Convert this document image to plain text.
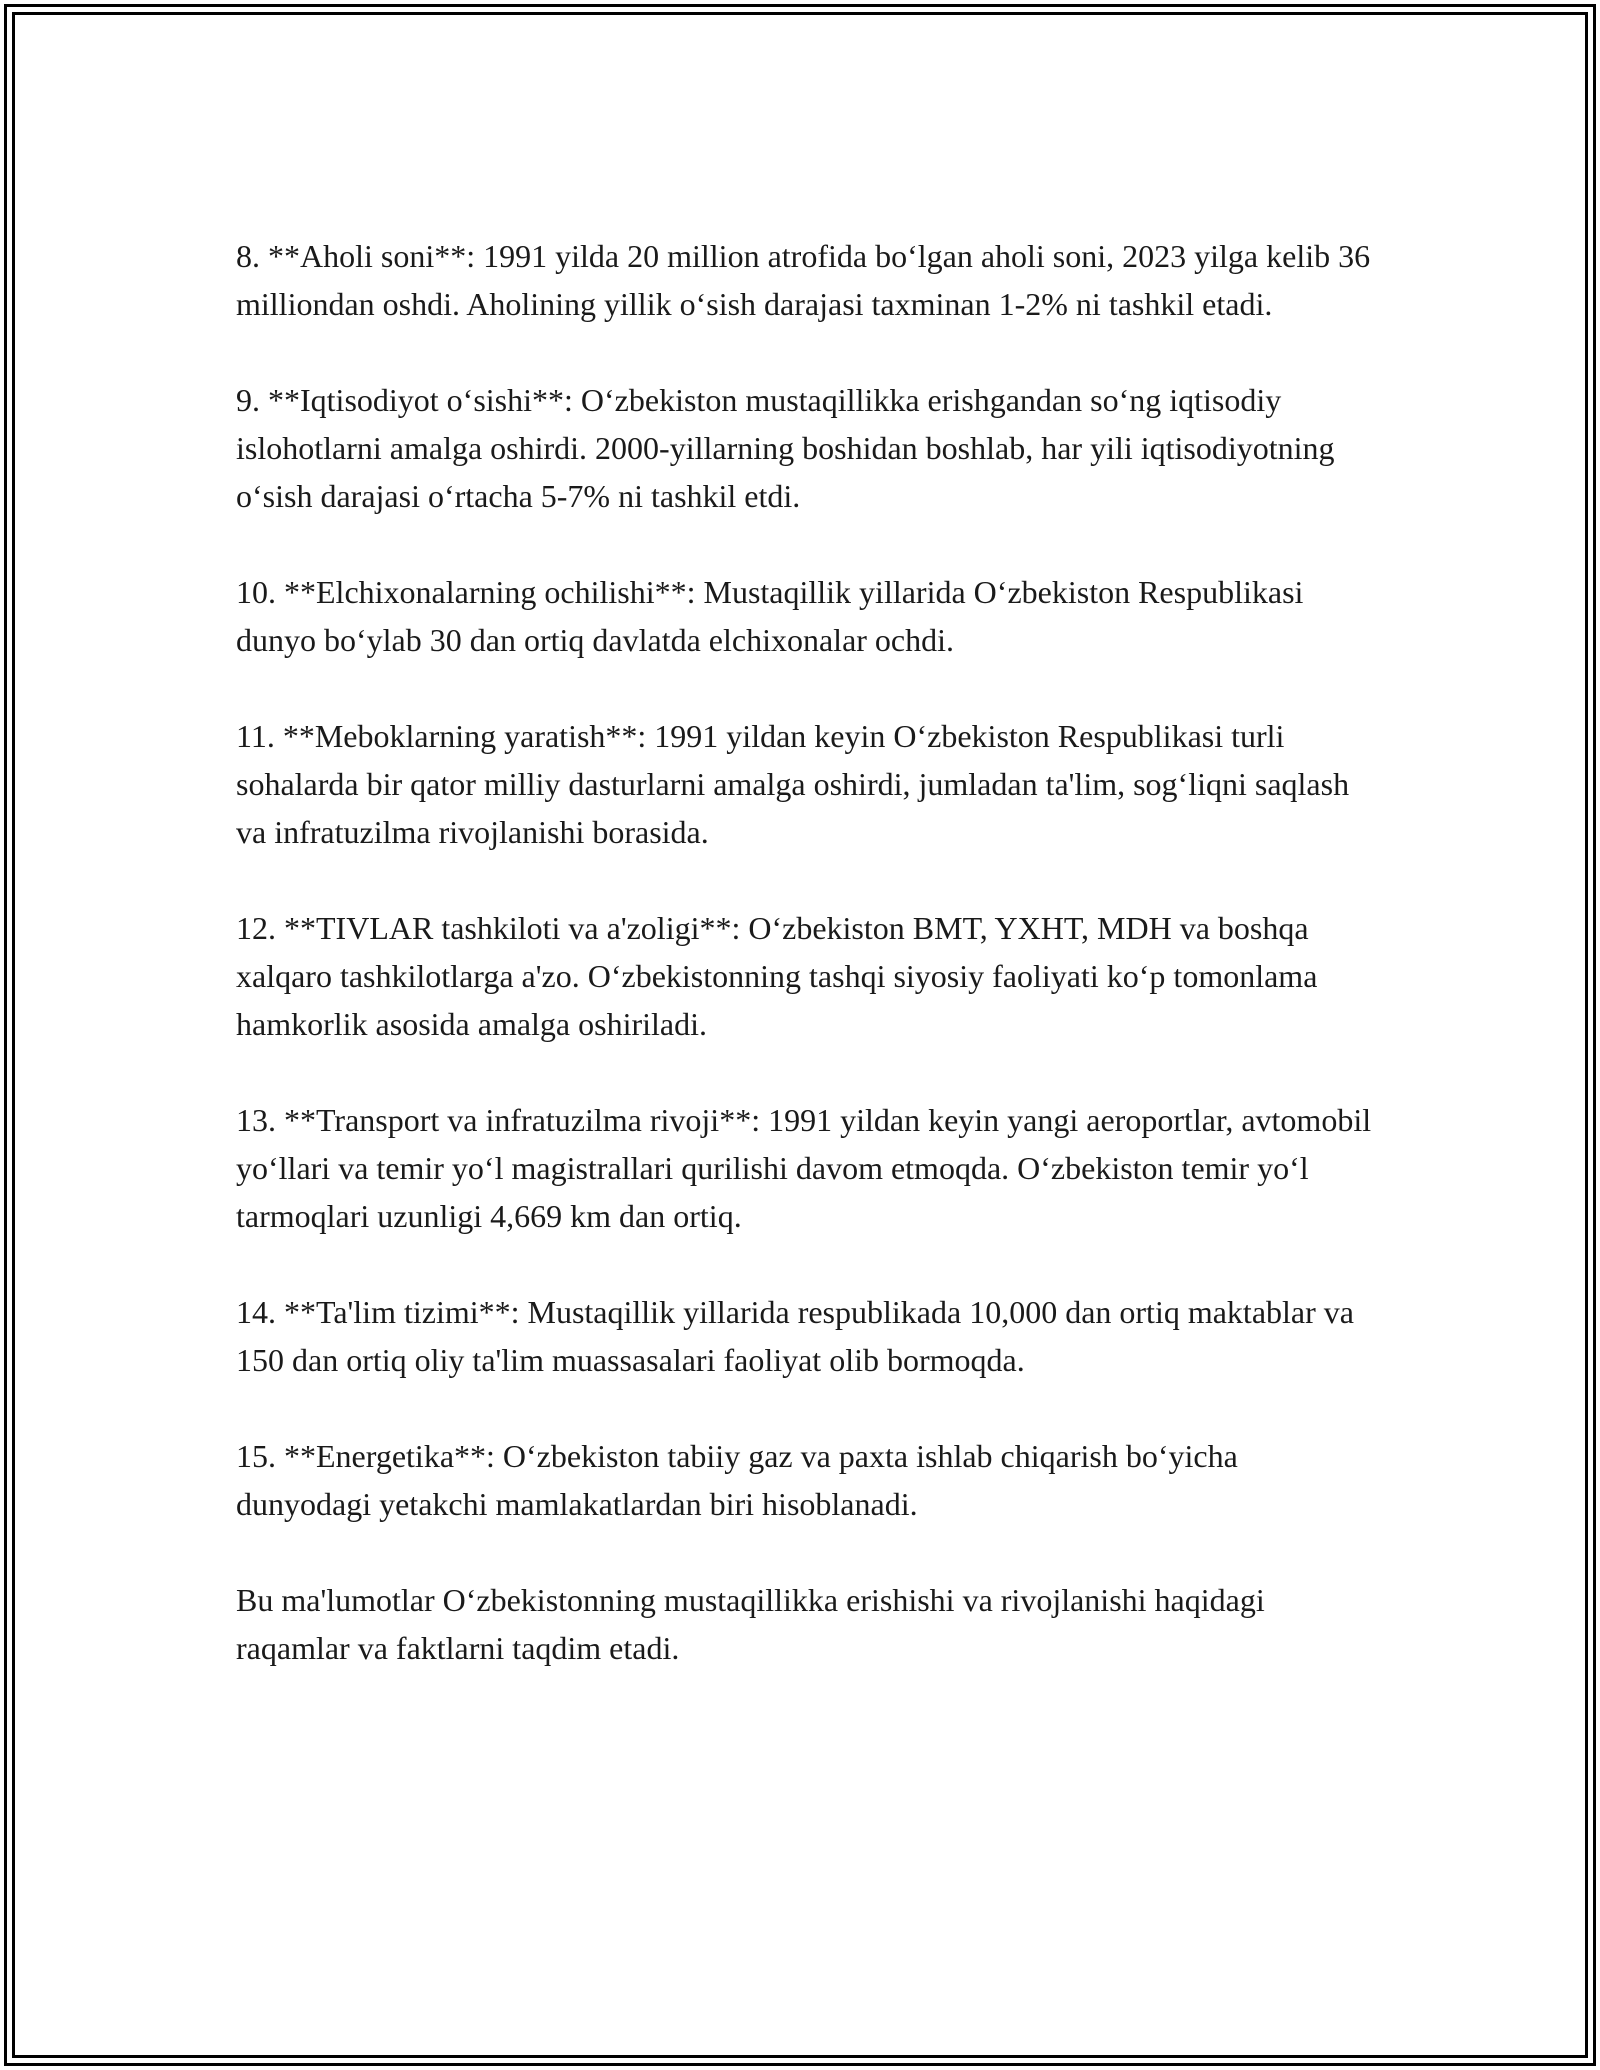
8. **Aholi soni**: 1991 yilda 20 million atrofida bo‘lgan aholi soni, 2023 yilga kelib 36 milliondan oshdi. Aholining yillik o‘sish darajasi taxminan 1-2% ni tashkil etadi.

9. **Iqtisodiyot o‘sishi**: O‘zbekiston mustaqillikka erishgandan so‘ng iqtisodiy islohotlarni amalga oshirdi. 2000-yillarning boshidan boshlab, har yili iqtisodiyotning o‘sish darajasi o‘rtacha 5-7% ni tashkil etdi.

10. **Elchixonalarning ochilishi**: Mustaqillik yillarida O‘zbekiston Respublikasi dunyo bo‘ylab 30 dan ortiq davlatda elchixonalar ochdi.

11. **Meboklarning yaratish**: 1991 yildan keyin O‘zbekiston Respublikasi turli sohalarda bir qator milliy dasturlarni amalga oshirdi, jumladan ta'lim, sog‘liqni saqlash va infratuzilma rivojlanishi borasida.

12. **TIVLAR tashkiloti va a'zoligi**: O‘zbekiston BMT, YXHT, MDH va boshqa xalqaro tashkilotlarga a'zo. O‘zbekistonning tashqi siyosiy faoliyati ko‘p tomonlama hamkorlik asosida amalga oshiriladi.

13. **Transport va infratuzilma rivoji**: 1991 yildan keyin yangi aeroportlar, avtomobil yo‘llari va temir yo‘l magistrallari qurilishi davom etmoqda. O‘zbekiston temir yo‘l tarmoqlari uzunligi 4,669 km dan ortiq.

14. **Ta'lim tizimi**: Mustaqillik yillarida respublikada 10,000 dan ortiq maktablar va 150 dan ortiq oliy ta'lim muassasalari faoliyat olib bormoqda.

15. **Energetika**: O‘zbekiston tabiiy gaz va paxta ishlab chiqarish bo‘yicha dunyodagi yetakchi mamlakatlardan biri hisoblanadi.

Bu ma'lumotlar O‘zbekistonning mustaqillikka erishishi va rivojlanishi haqidagi raqamlar va faktlarni taqdim etadi.
